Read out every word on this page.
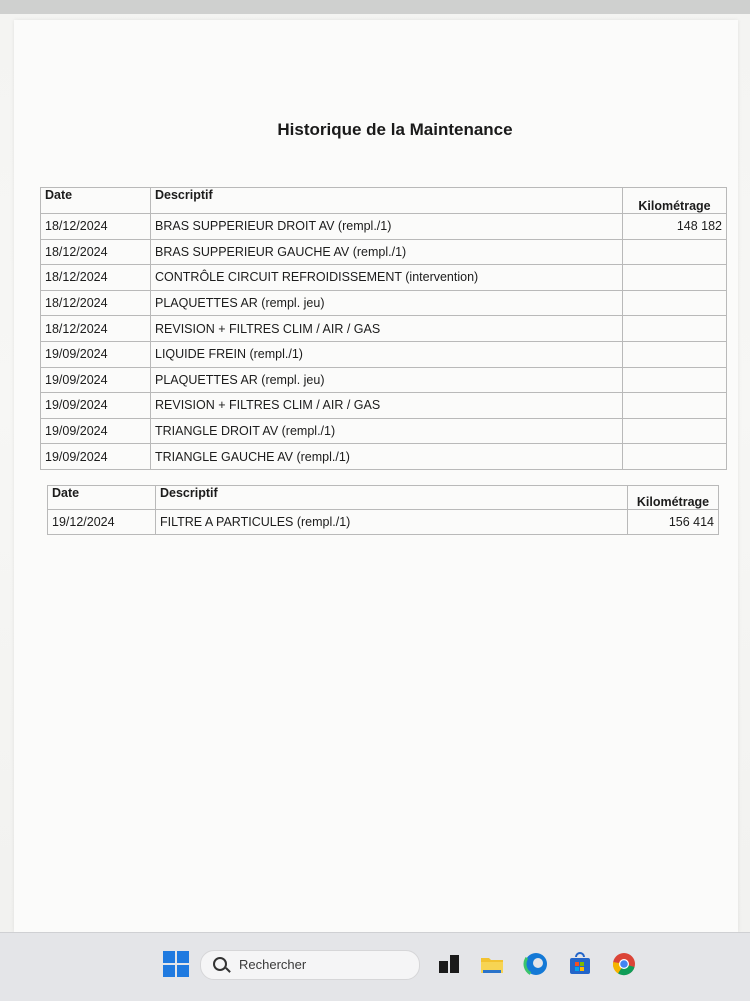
Historique de la Maintenance
Date	Descriptif	Kilométrage
18/12/2024	BRAS SUPPERIEUR DROIT AV (rempl./1)	148 182
18/12/2024	BRAS SUPPERIEUR GAUCHE AV (rempl./1)	
18/12/2024	CONTRÔLE CIRCUIT REFROIDISSEMENT (intervention)	
18/12/2024	PLAQUETTES AR (rempl. jeu)	
18/12/2024	REVISION + FILTRES CLIM / AIR / GAS	
19/09/2024	LIQUIDE FREIN (rempl./1)	
19/09/2024	PLAQUETTES AR (rempl. jeu)	
19/09/2024	REVISION + FILTRES CLIM / AIR / GAS	
19/09/2024	TRIANGLE DROIT AV (rempl./1)	
19/09/2024	TRIANGLE GAUCHE AV (rempl./1)	
Date	Descriptif	Kilométrage
19/12/2024	FILTRE A PARTICULES (rempl./1)	156 414
Rechercher
